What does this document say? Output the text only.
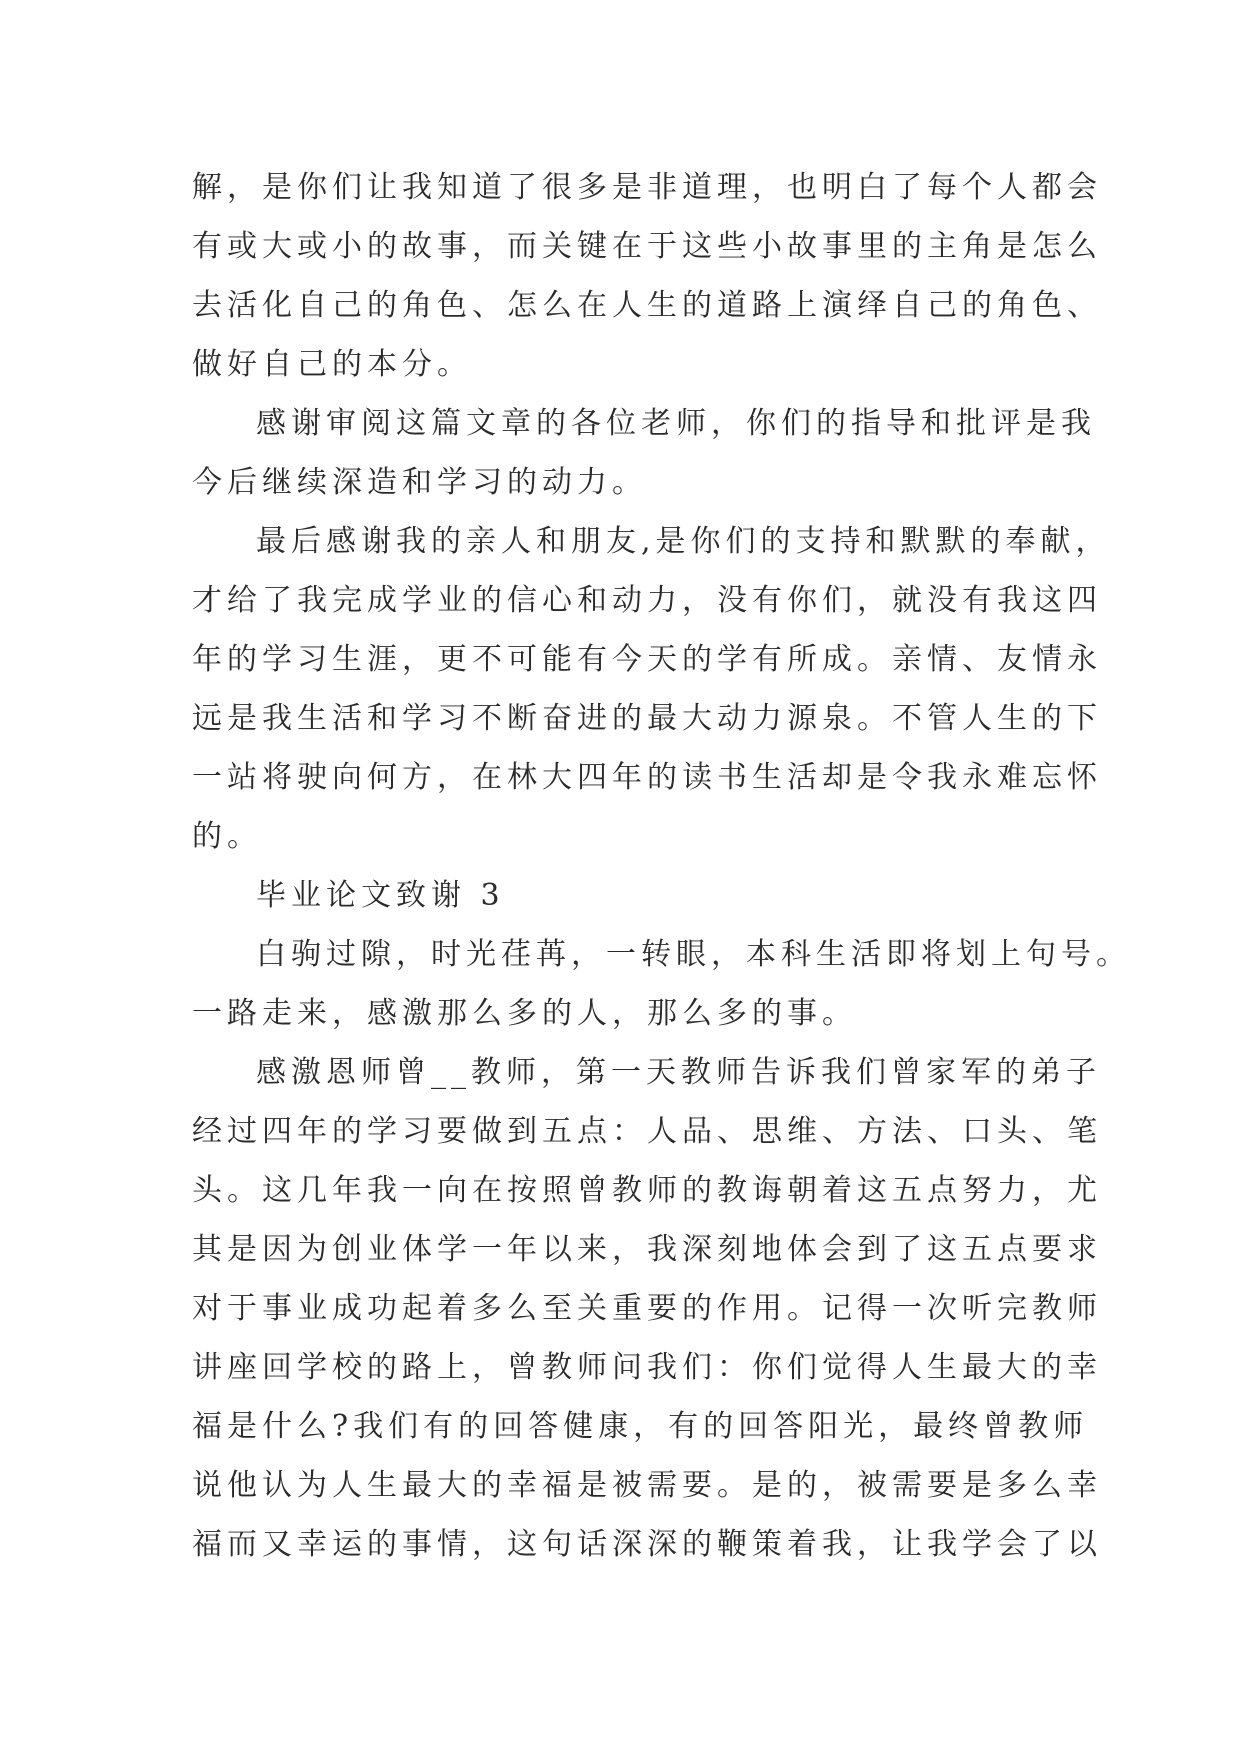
解，是你们让我知道了很多是非道理，也明白了每个人都会
有或大或小的故事，而关键在于这些小故事里的主角是怎么
去活化自己的角色、怎么在人生的道路上演绎自己的角色、
做好自己的本分。
感谢审阅这篇文章的各位老师，你们的指导和批评是我
今后继续深造和学习的动力。
最后感谢我的亲人和朋友,是你们的支持和默默的奉献，
才给了我完成学业的信心和动力，没有你们，就没有我这四
年的学习生涯，更不可能有今天的学有所成。亲情、友情永
远是我生活和学习不断奋进的最大动力源泉。不管人生的下
一站将驶向何方，在林大四年的读书生活却是令我永难忘怀
的。
毕业论文致谢 3
白驹过隙，时光荏苒，一转眼，本科生活即将划上句号。
一路走来，感激那么多的人，那么多的事。
感激恩师曾__教师，第一天教师告诉我们曾家军的弟子
经过四年的学习要做到五点：人品、思维、方法、口头、笔
头。这几年我一向在按照曾教师的教诲朝着这五点努力，尤
其是因为创业体学一年以来，我深刻地体会到了这五点要求
对于事业成功起着多么至关重要的作用。记得一次听完教师
讲座回学校的路上，曾教师问我们：你们觉得人生最大的幸
福是什么?我们有的回答健康，有的回答阳光，最终曾教师
说他认为人生最大的幸福是被需要。是的，被需要是多么幸
福而又幸运的事情，这句话深深的鞭策着我，让我学会了以
